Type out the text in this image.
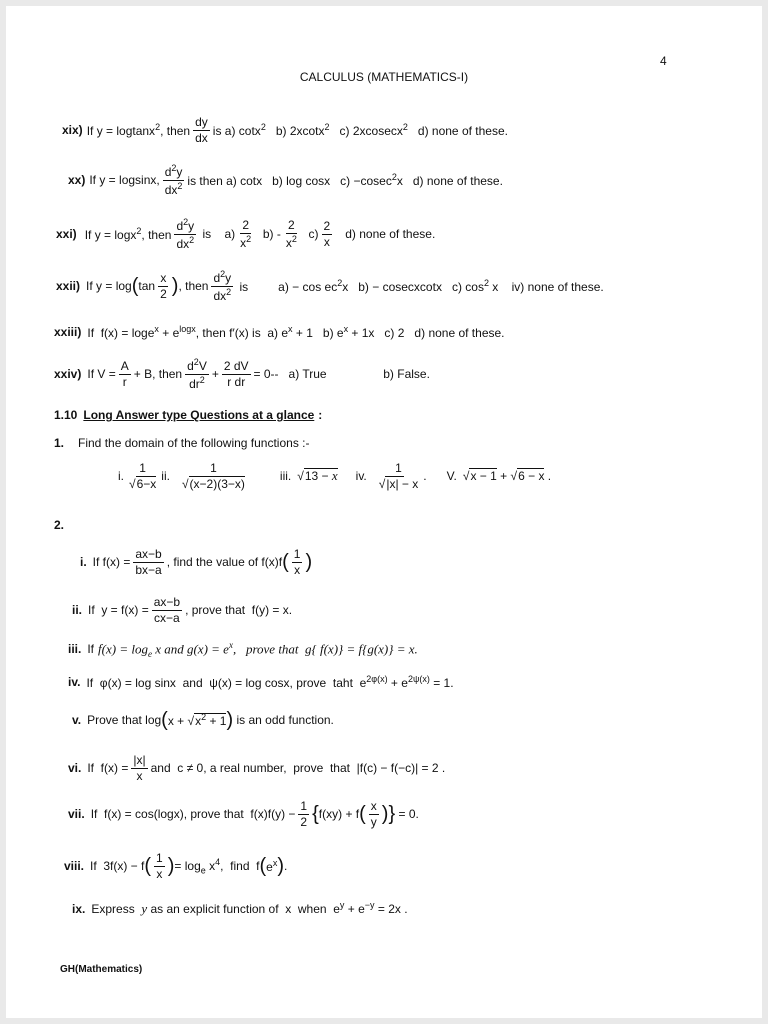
4
CALCULUS (MATHEMATICS-I)
xix) If y = logtanx$^2$, then $\frac{dy}{dx}$ is a) cotx$^2$   b) 2xcotx$^2$   c) 2xcosecx$^2$   d) none of these.
xx) If y = logsinx, $\frac{d^2y}{dx^2}$ is then a) cotx   b) log cosx   c) −cosec$^2$x   d) none of these.
xxi) If y = logx$^2$, then $\frac{d^2y}{dx^2}$ is    $a) \frac{2}{x^2} b) - \frac{2}{x^2} c) \frac{2}{x} d$) none of these.
xxii) If y = log ( $\tan \frac{x}{2}$ ) , then $\frac{d^2y}{dx^2}$ is         $a) - \cos ec^2x$   b) − cosecxcotx   c) $\cos^2 x$    iv) none of these.
xxiii) If  $f(x) = \log e^x + e^{logx}$, then f′(x) is  a) $e^x + 1$   b) $e^x + 1x$   c) 2   d) none of these.
xxiv) If $V = \frac{A}{r} + B$, then $\frac{d^2V}{dr^2} + \frac{2 dV}{\text{r dr}} = 0--$   a) True                 b) False.
1.10 Long Answer type Questions at a glance :
1. Find the domain of the following functions :-
i. $\frac{1}{√6-x}$ ii. $\frac{1}{√(x-2)(3-x)}$	iii. √13 − x iv. $\frac{1}{√|x| - x}$ . V. √x − 1 + √6 − x .
2.
i. If $f(x) = \frac{ax-b}{bx-a}$ , find the value of f(x)f ( $\frac{1}{x}$ )
ii. If  $y = f(x) = \frac{ax-b}{cx-a}$ , prove that  f(y) = x.
iii. If f $(x) = \log_e x$ and $g(x) = e^x$,   prove that  g{ f(x)} = f{g(x)} = x.
iv. If  φ(x) = log sinx  and  ψ(x) = log cosx, prove  taht  $e^{2\varphi(x)} + e^{2\psi(x)} = 1$.
v. Prove that log ( $x + √x^2 + 1$ ) is an odd function.
vi. If  $f(x) = \frac{|x|}{x}$ and  c ≠ 0, a real number,  prove  that  |f(c) − f(−c)| = 2 .
vii. If  f(x) = cos(logx), prove that  $f(x)f(y) - \frac{1}{2}$ { f(xy) + f ( $\frac{x}{y}$ ) } = 0.
viii. If  3f(x) − f ( $\frac{1}{x}$ ) = $\log_e x^4$,  find  f ( $e^x$ ) .
ix. Express  y as an explicit function of  x  when  $e^y + e^{-y} = 2x$ .
GH(Mathematics)
